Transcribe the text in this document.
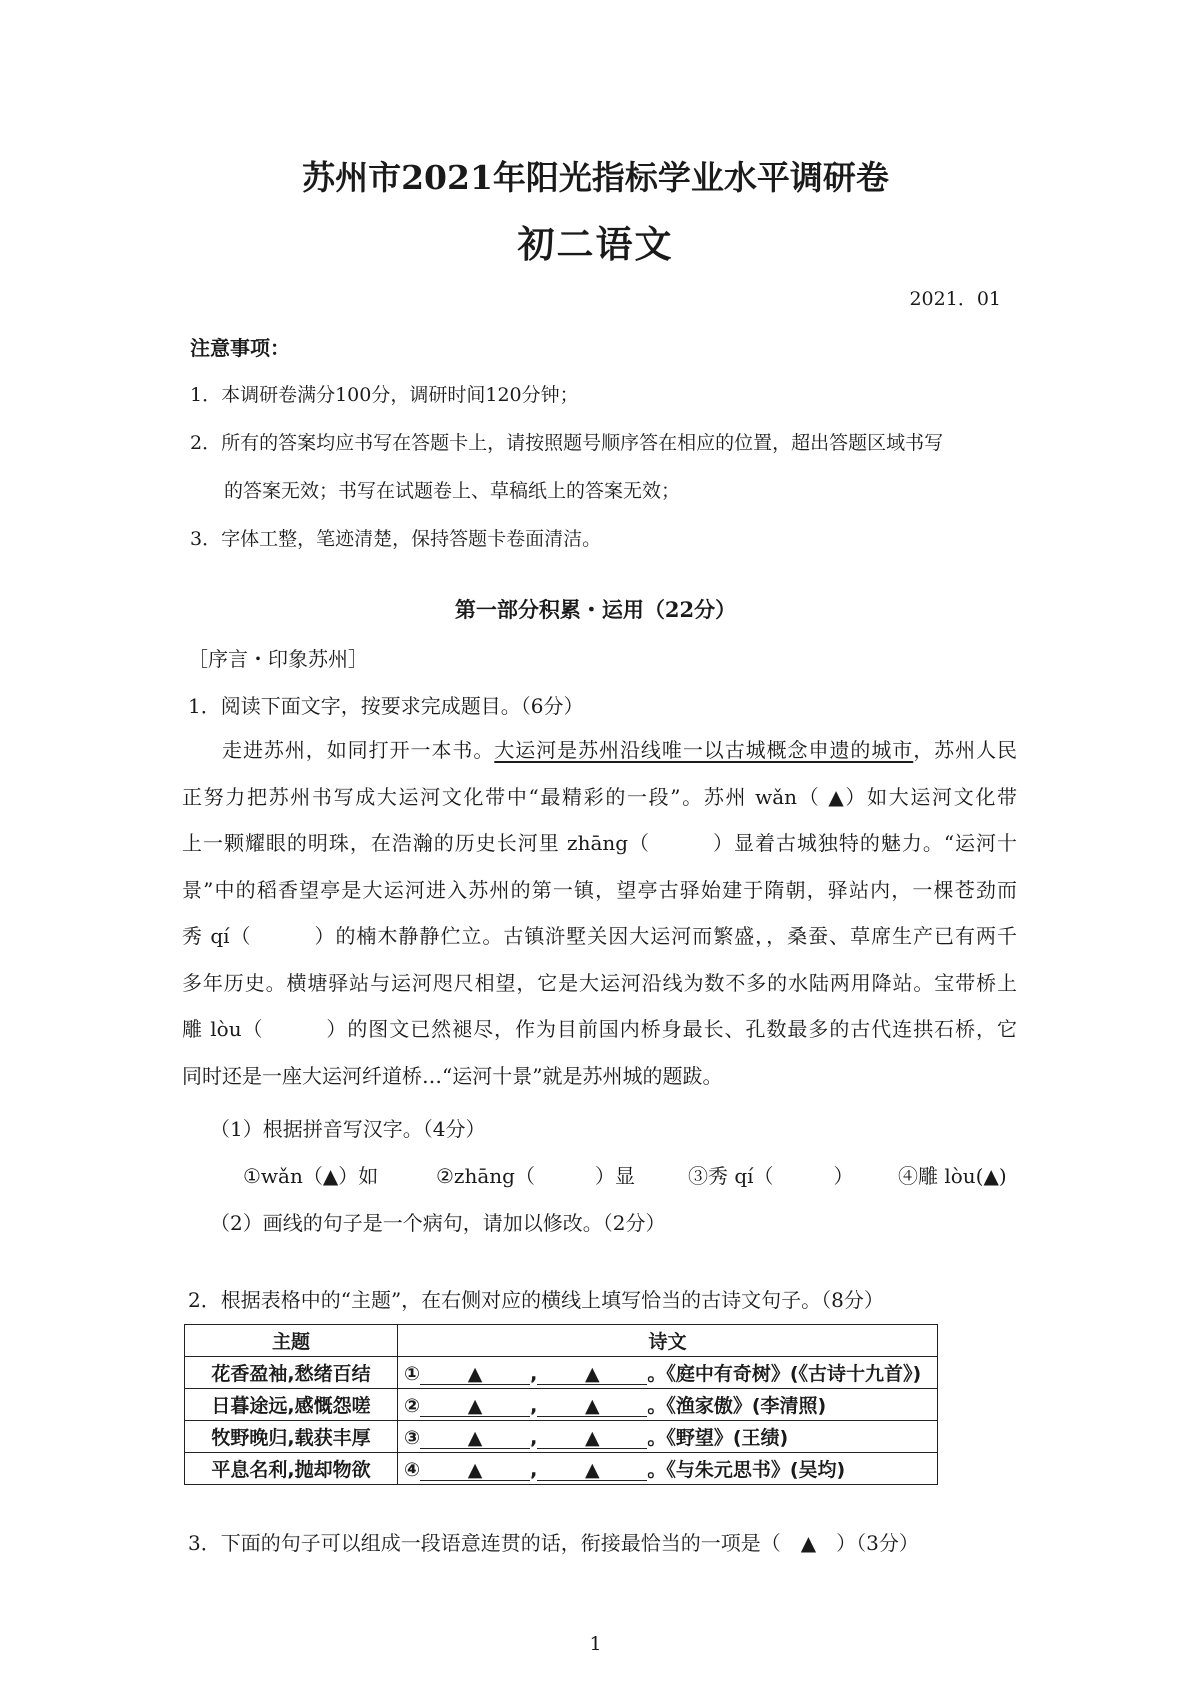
苏州市2021年阳光指标学业水平调研卷
初二语文
2021．01
注意事项：
1．本调研卷满分100分，调研时间120分钟；
2．所有的答案均应书写在答题卡上，请按照题号顺序答在相应的位置，超出答题区域书写
的答案无效；书写在试题卷上、草稿纸上的答案无效；
3．字体工整，笔迹清楚，保持答题卡卷面清洁。
第一部分积累・运用（22分）
［序言・印象苏州］
1．阅读下面文字，按要求完成题目。（6分）

走进苏州，如同打开一本书。大运河是苏州沿线唯一以古城概念申遗的城市，苏州人民

正努力把苏州书写成大运河文化带中“最精彩的一段”。苏州 wǎn（ ▲）如大运河文化带

上一颗耀眼的明珠，在浩瀚的历史长河里 zhāng（　　　）显着古城独特的魅力。“运河十

景”中的稻香望亭是大运河进入苏州的第一镇，望亭古驿始建于隋朝，驿站内，一棵苍劲而

秀 qí（　　　）的楠木静静伫立。古镇浒墅关因大运河而繁盛，，桑蚕、草席生产已有两千

多年历史。横塘驿站与运河咫尺相望，它是大运河沿线为数不多的水陆两用降站。宝带桥上

雕 lòu（　　　）的图文已然褪尽，作为目前国内桥身最长、孔数最多的古代连拱石桥，它

同时还是一座大运河纤道桥…“运河十景”就是苏州城的题跋。

（1）根据拼音写汉字。（4分）
①wǎn（▲）如	②zhāng（　　　）显	③秀 qí（　　　） ④雕 lòu(▲)
（2）画线的句子是一个病句，请加以修改。（2分）
2．根据表格中的“主题”，在右侧对应的横线上填写恰当的古诗文句子。（8分）
主题	诗文
花香盈袖,愁绪百结	① ▲ , ▲ 。《庭中有奇树》(《古诗十九首》)
日暮途远,感慨怨嗟	② ▲ , ▲ 。《渔家傲》(李清照)
牧野晚归,载获丰厚	③ ▲ , ▲ 。《野望》(王绩)
平息名利,抛却物欲	④ ▲ , ▲ 。《与朱元思书》(吴均)
3．下面的句子可以组成一段语意连贯的话，衔接最恰当的一项是（　▲　）（3分）
1
